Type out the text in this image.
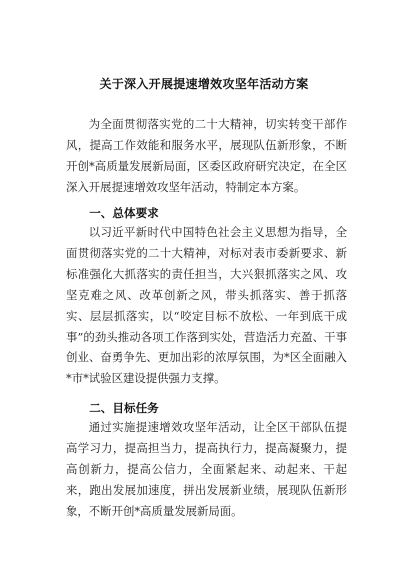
关于深入开展提速增效攻坚年活动方案

为全面贯彻落实党的二十大精神，切实转变干部作风，提高工作效能和服务水平，展现队伍新形象，不断开创*高质量发展新局面，区委区政府研究决定，在全区深入开展提速增效攻坚年活动，特制定本方案。

一、总体要求

以习近平新时代中国特色社会主义思想为指导，全面贯彻落实党的二十大精神，对标对表市委新要求、新标准强化大抓落实的责任担当，大兴狠抓落实之风、攻坚克难之风、改革创新之风，带头抓落实、善于抓落实、层层抓落实，以“咬定目标不放松、一年到底干成事”的劲头推动各项工作落到实处，营造活力充盈、干事创业、奋勇争先、更加出彩的浓厚氛围，为*区全面融入*市*试验区建设提供强力支撑。

二、目标任务

通过实施提速增效攻坚年活动，让全区干部队伍提高学习力，提高担当力，提高执行力，提高凝聚力，提高创新力，提高公信力，全面紧起来、动起来、干起来，跑出发展加速度，拼出发展新业绩，展现队伍新形象，不断开创*高质量发展新局面。
